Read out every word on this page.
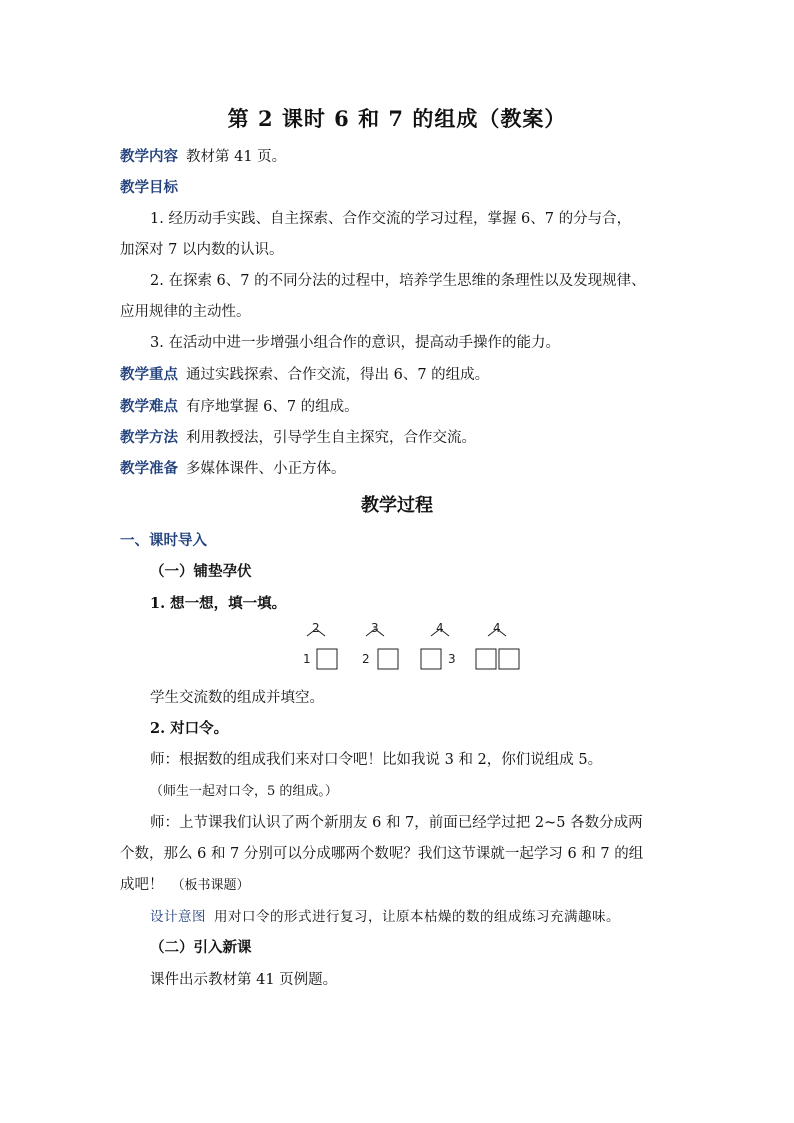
第 2 课时 6 和 7 的组成（教案）
教学内容 教材第 41 页。
教学目标
1. 经历动手实践、自主探索、合作交流的学习过程，掌握 6、7 的分与合，
加深对 7 以内数的认识。
2. 在探索 6、7 的不同分法的过程中，培养学生思维的条理性以及发现规律、
应用规律的主动性。
3. 在活动中进一步增强小组合作的意识，提高动手操作的能力。
教学重点 通过实践探索、合作交流，得出 6、7 的组成。
教学难点 有序地掌握 6、7 的组成。
教学方法 利用教授法，引导学生自主探究，合作交流。
教学准备 多媒体课件、小正方体。
教学过程
一、课时导入
（一）铺垫孕伏
1. 想一想，填一填。
2
1
3
2
4
3
4
学生交流数的组成并填空。
2. 对口令。
师：根据数的组成我们来对口令吧！比如我说 3 和 2，你们说组成 5。
（师生一起对口令，5 的组成。）
师：上节课我们认识了两个新朋友 6 和 7，前面已经学过把 2~5 各数分成两
个数，那么 6 和 7 分别可以分成哪两个数呢？我们这节课就一起学习 6 和 7 的组
成吧！ （板书课题）
设计意图 用对口令的形式进行复习，让原本枯燥的数的组成练习充满趣味。
（二）引入新课
课件出示教材第 41 页例题。
